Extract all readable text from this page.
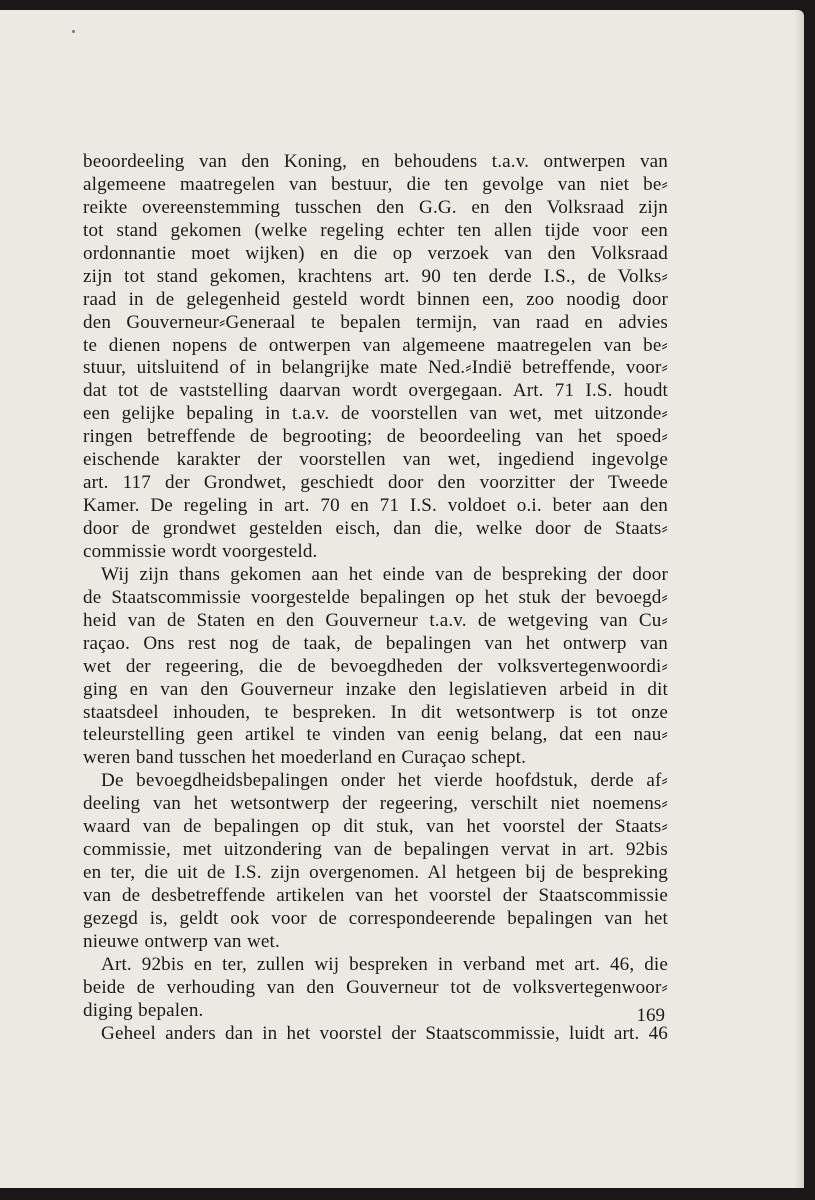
beoordeeling van den Koning, en behoudens t.a.v. ontwerpen van
algemeene maatregelen van bestuur, die ten gevolge van niet be⸗
reikte overeenstemming tusschen den G.G. en den Volksraad zijn
tot stand gekomen (welke regeling echter ten allen tijde voor een
ordonnantie moet wijken) en die op verzoek van den Volksraad
zijn tot stand gekomen, krachtens art. 90 ten derde I.S., de Volks⸗
raad in de gelegenheid gesteld wordt binnen een, zoo noodig door
den Gouverneur⸗Generaal te bepalen termijn, van raad en advies
te dienen nopens de ontwerpen van algemeene maatregelen van be⸗
stuur, uitsluitend of in belangrijke mate Ned.⸗Indië betreffende, voor⸗
dat tot de vaststelling daarvan wordt overgegaan. Art. 71 I.S. houdt
een gelijke bepaling in t.a.v. de voorstellen van wet, met uitzonde⸗
ringen betreffende de begrooting; de beoordeeling van het spoed⸗
eischende karakter der voorstellen van wet, ingediend ingevolge
art. 117 der Grondwet, geschiedt door den voorzitter der Tweede
Kamer. De regeling in art. 70 en 71 I.S. voldoet o.i. beter aan den
door de grondwet gestelden eisch, dan die, welke door de Staats⸗
commissie wordt voorgesteld.
Wij zijn thans gekomen aan het einde van de bespreking der door
de Staatscommissie voorgestelde bepalingen op het stuk der bevoegd⸗
heid van de Staten en den Gouverneur t.a.v. de wetgeving van Cu⸗
raçao. Ons rest nog de taak, de bepalingen van het ontwerp van
wet der regeering, die de bevoegdheden der volksvertegenwoordi⸗
ging en van den Gouverneur inzake den legislatieven arbeid in dit
staatsdeel inhouden, te bespreken. In dit wetsontwerp is tot onze
teleurstelling geen artikel te vinden van eenig belang, dat een nau⸗
weren band tusschen het moederland en Curaçao schept.
De bevoegdheidsbepalingen onder het vierde hoofdstuk, derde af⸗
deeling van het wetsontwerp der regeering, verschilt niet noemens⸗
waard van de bepalingen op dit stuk, van het voorstel der Staats⸗
commissie, met uitzondering van de bepalingen vervat in art. 92bis
en ter, die uit de I.S. zijn overgenomen. Al hetgeen bij de bespreking
van de desbetreffende artikelen van het voorstel der Staatscommissie
gezegd is, geldt ook voor de correspondeerende bepalingen van het
nieuwe ontwerp van wet.
Art. 92bis en ter, zullen wij bespreken in verband met art. 46, die
beide de verhouding van den Gouverneur tot de volksvertegenwoor⸗
diging bepalen.
Geheel anders dan in het voorstel der Staatscommissie, luidt art. 46
169
